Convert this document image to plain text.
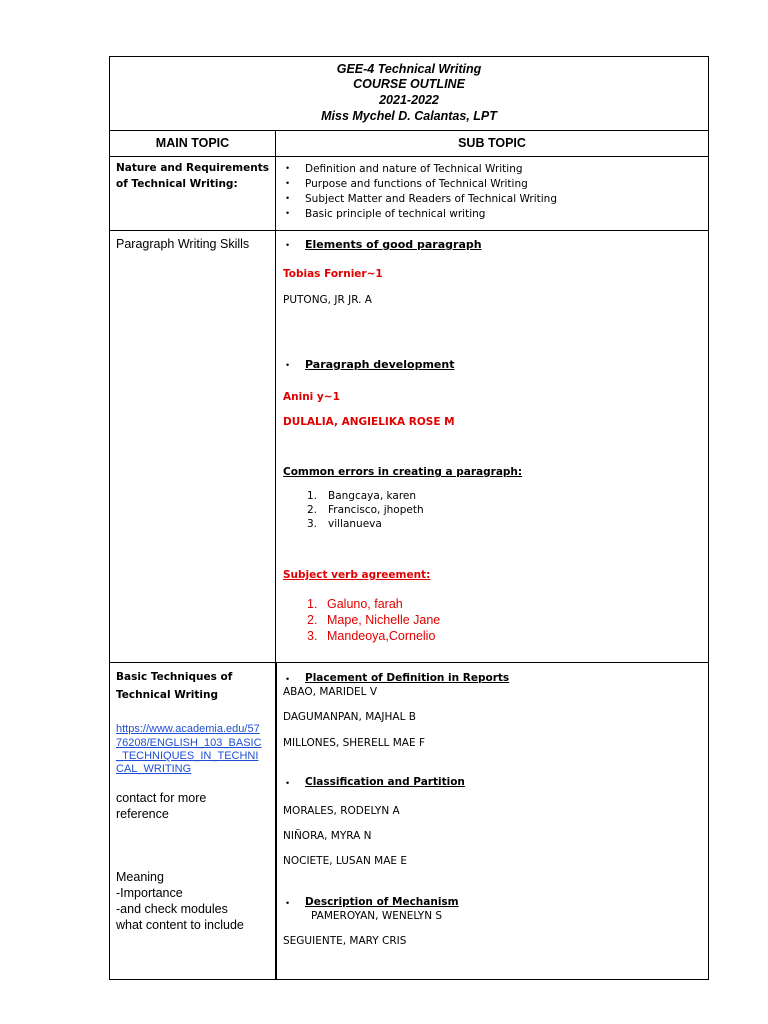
GEE-4 Technical Writing
COURSE OUTLINE
2021-2022
Miss Mychel D. Calantas, LPT
MAIN TOPIC	SUB TOPIC
Nature and Requirements
of Technical Writing:
• Definition and nature of Technical Writing
• Purpose and functions of Technical Writing
• Subject Matter and Readers of Technical Writing
• Basic principle of technical writing
Paragraph Writing Skills	• Elements of good paragraph
Tobias Fornier~1
PUTONG, JR JR. A
• Paragraph development
Anini y~1
DULALIA, ANGIELIKA ROSE M
Common errors in creating a paragraph:
1. Bangcaya, karen
2. Francisco, jhopeth
3. villanueva
Subject verb agreement:
1. Galuno, farah
2. Mape, Nichelle Jane
3. Mandeoya,Cornelio
Basic Techniques of
Technical Writing
https://www.academia.edu/57
76208/ENGLISH_103_BASIC
_TECHNIQUES_IN_TECHNI
CAL_WRITING
contact for more
reference
Meaning
-Importance
-and check modules
what content to include
• Placement of Definition in Reports
ABAO, MARIDEL V
DAGUMANPAN, MAJHAL B
MILLONES, SHERELL MAE F
• Classification and Partition
MORALES, RODELYN A
NIÑORA, MYRA N
NOCIETE, LUSAN MAE E
• Description of Mechanism
PAMEROYAN, WENELYN S
SEGUIENTE, MARY CRIS
